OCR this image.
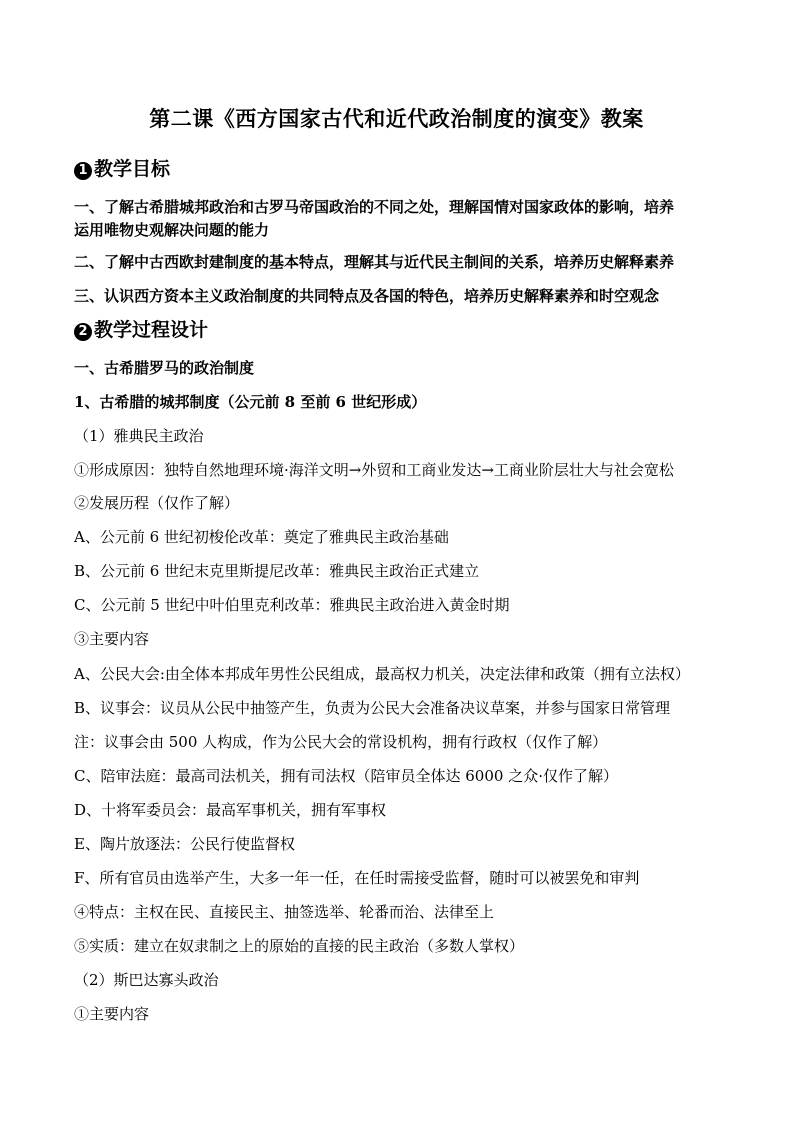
第二课《西方国家古代和近代政治制度的演变》教案
1 教学目标
一、了解古希腊城邦政治和古罗马帝国政治的不同之处，理解国情对国家政体的影响，培养
运用唯物史观解决问题的能力
二、了解中古西欧封建制度的基本特点，理解其与近代民主制间的关系，培养历史解释素养
三、认识西方资本主义政治制度的共同特点及各国的特色，培养历史解释素养和时空观念
2 教学过程设计
一、古希腊罗马的政治制度
1、古希腊的城邦制度（公元前 8 至前 6 世纪形成）
（1）雅典民主政治
①形成原因：独特自然地理环境·海洋文明→外贸和工商业发达→工商业阶层壮大与社会宽松
②发展历程（仅作了解）
A、公元前 6 世纪初梭伦改革：奠定了雅典民主政治基础
B、公元前 6 世纪末克里斯提尼改革：雅典民主政治正式建立
C、公元前 5 世纪中叶伯里克利改革：雅典民主政治进入黄金时期
③主要内容
A、公民大会:由全体本邦成年男性公民组成，最高权力机关，决定法律和政策（拥有立法权）
B、议事会：议员从公民中抽签产生，负责为公民大会准备决议草案，并参与国家日常管理
注：议事会由 500 人构成，作为公民大会的常设机构，拥有行政权（仅作了解）
C、陪审法庭：最高司法机关，拥有司法权（陪审员全体达 6000 之众·仅作了解）
D、十将军委员会：最高军事机关，拥有军事权
E、陶片放逐法：公民行使监督权
F、所有官员由选举产生，大多一年一任，在任时需接受监督，随时可以被罢免和审判
④特点：主权在民、直接民主、抽签选举、轮番而治、法律至上
⑤实质：建立在奴隶制之上的原始的直接的民主政治（多数人掌权）
（2）斯巴达寡头政治
①主要内容
